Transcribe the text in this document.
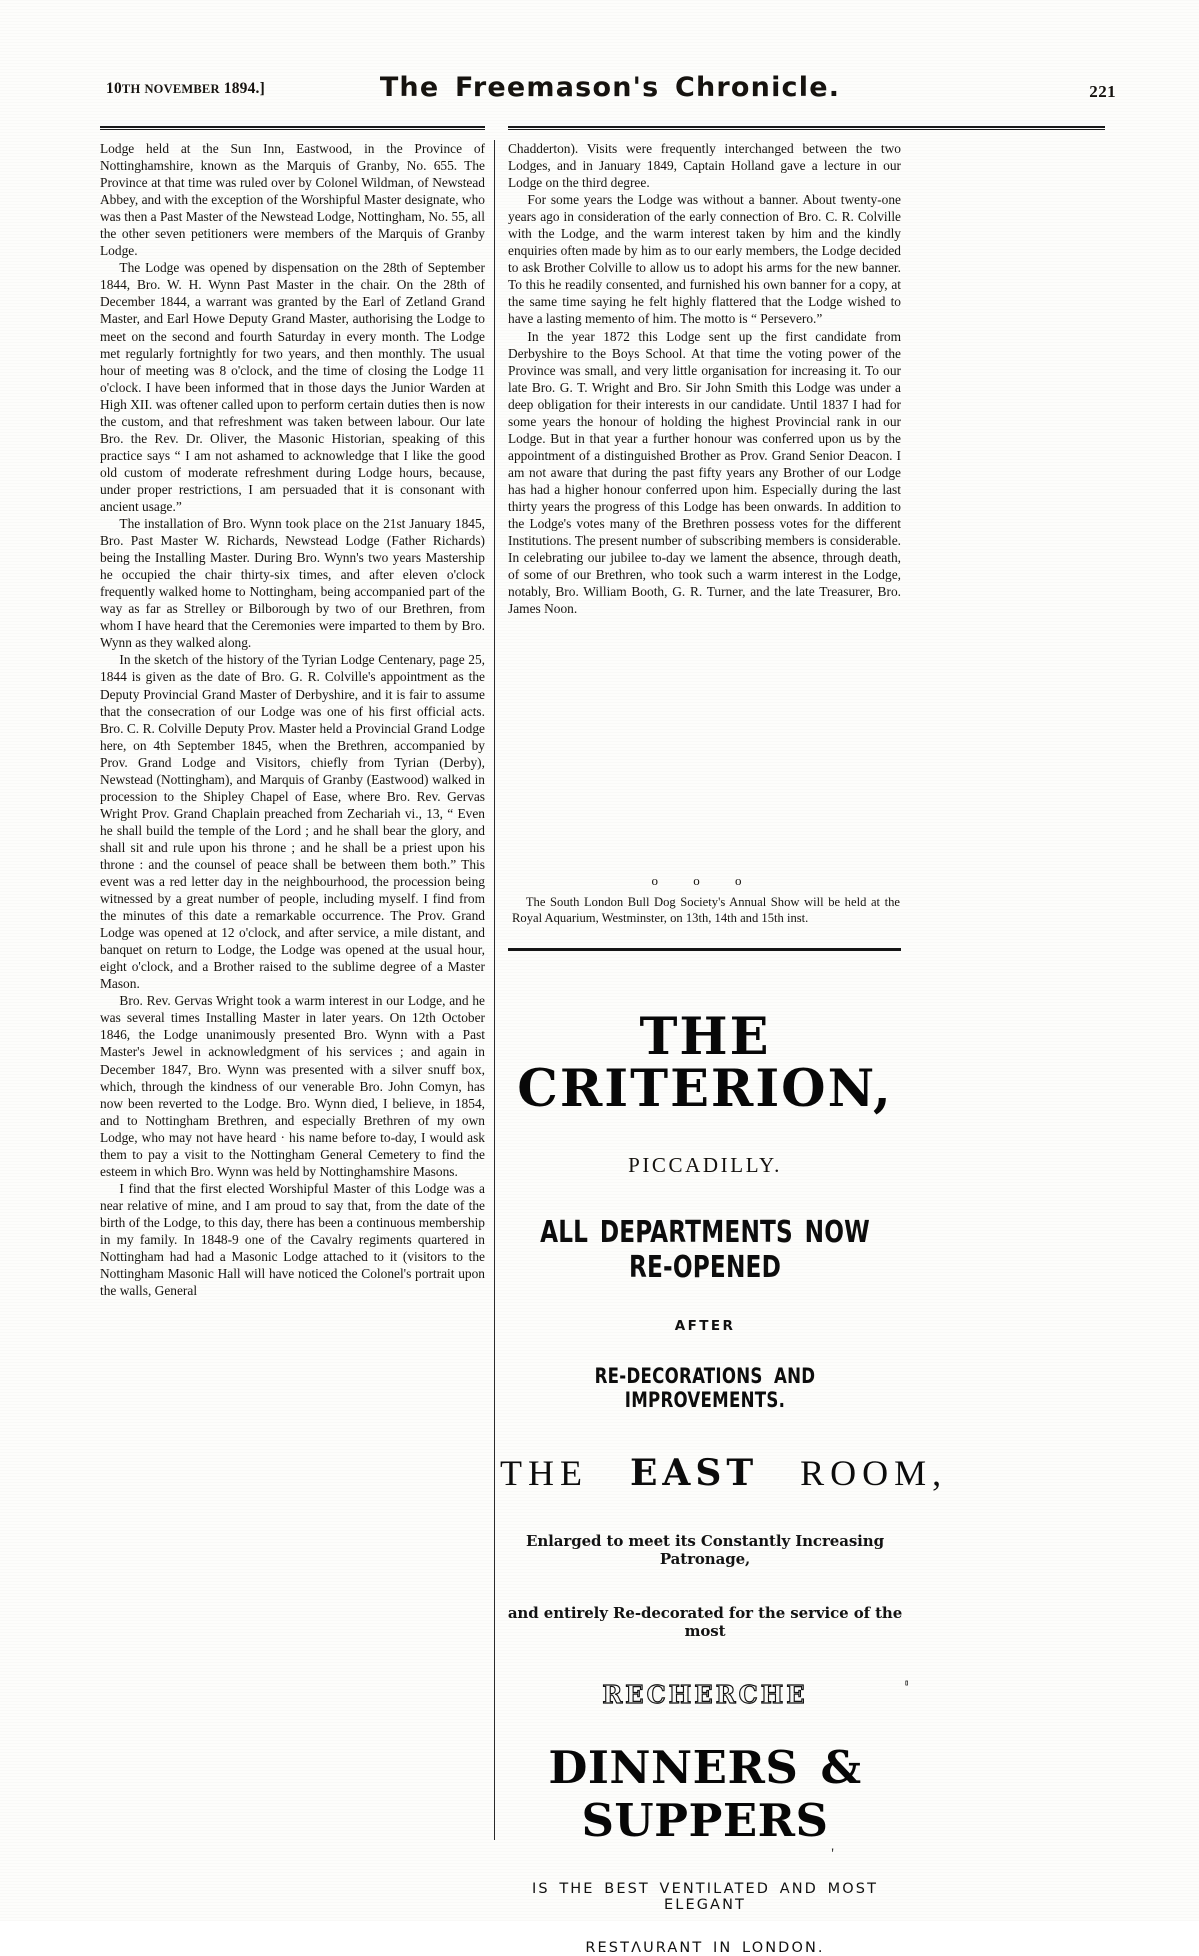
10TH NOVEMBER 1894.]	The Freemason's Chronicle.	221

Lodge held at the Sun Inn, Eastwood, in the Province of Nottinghamshire, known as the Marquis of Granby, No. 655. The Province at that time was ruled over by Colonel Wildman, of Newstead Abbey, and with the exception of the Worshipful Master designate, who was then a Past Master of the Newstead Lodge, Nottingham, No. 55, all the other seven petitioners were members of the Marquis of Granby Lodge.

The Lodge was opened by dispensation on the 28th of September 1844, Bro. W. H. Wynn Past Master in the chair. On the 28th of December 1844, a warrant was granted by the Earl of Zetland Grand Master, and Earl Howe Deputy Grand Master, authorising the Lodge to meet on the second and fourth Saturday in every month. The Lodge met regularly fortnightly for two years, and then monthly. The usual hour of meeting was 8 o'clock, and the time of closing the Lodge 11 o'clock. I have been informed that in those days the Junior Warden at High XII. was oftener called upon to perform certain duties then is now the custom, and that refreshment was taken between labour. Our late Bro. the Rev. Dr. Oliver, the Masonic Historian, speaking of this practice says “ I am not ashamed to acknowledge that I like the good old custom of moderate refreshment during Lodge hours, because, under proper restrictions, I am persuaded that it is consonant with ancient usage.”

The installation of Bro. Wynn took place on the 21st January 1845, Bro. Past Master W. Richards, Newstead Lodge (Father Richards) being the Installing Master. During Bro. Wynn's two years Mastership he occupied the chair thirty-six times, and after eleven o'clock frequently walked home to Nottingham, being accompanied part of the way as far as Strelley or Bilborough by two of our Brethren, from whom I have heard that the Ceremonies were imparted to them by Bro. Wynn as they walked along.

In the sketch of the history of the Tyrian Lodge Centenary, page 25, 1844 is given as the date of Bro. G. R. Colville's appointment as the Deputy Provincial Grand Master of Derbyshire, and it is fair to assume that the consecration of our Lodge was one of his first official acts. Bro. C. R. Colville Deputy Prov. Master held a Provincial Grand Lodge here, on 4th September 1845, when the Brethren, accompanied by Prov. Grand Lodge and Visitors, chiefly from Tyrian (Derby), Newstead (Nottingham), and Marquis of Granby (Eastwood) walked in procession to the Shipley Chapel of Ease, where Bro. Rev. Gervas Wright Prov. Grand Chaplain preached from Zechariah vi., 13, “ Even he shall build the temple of the Lord ; and he shall bear the glory, and shall sit and rule upon his throne ; and he shall be a priest upon his throne : and the counsel of peace shall be between them both.” This event was a red letter day in the neighbourhood, the procession being witnessed by a great number of people, including myself. I find from the minutes of this date a remarkable occurrence. The Prov. Grand Lodge was opened at 12 o'clock, and after service, a mile distant, and banquet on return to Lodge, the Lodge was opened at the usual hour, eight o'clock, and a Brother raised to the sublime degree of a Master Mason.

Bro. Rev. Gervas Wright took a warm interest in our Lodge, and he was several times Installing Master in later years. On 12th October 1846, the Lodge unanimously presented Bro. Wynn with a Past Master's Jewel in acknowledgment of his services ; and again in December 1847, Bro. Wynn was presented with a silver snuff box, which, through the kindness of our venerable Bro. John Comyn, has now been reverted to the Lodge. Bro. Wynn died, I believe, in 1854, and to Nottingham Brethren, and especially Brethren of my own Lodge, who may not have heard · his name before to-day, I would ask them to pay a visit to the Nottingham General Cemetery to find the esteem in which Bro. Wynn was held by Nottinghamshire Masons.

I find that the first elected Worshipful Master of this Lodge was a near relative of mine, and I am proud to say that, from the date of the birth of the Lodge, to this day, there has been a continuous membership in my family. In 1848-9 one of the Cavalry regiments quartered in Nottingham had had a Masonic Lodge attached to it (visitors to the Nottingham Masonic Hall will have noticed the Colonel's portrait upon the walls, General

Chadderton). Visits were frequently interchanged between the two Lodges, and in January 1849, Captain Holland gave a lecture in our Lodge on the third degree.

For some years the Lodge was without a banner. About twenty-one years ago in consideration of the early connection of Bro. C. R. Colville with the Lodge, and the warm interest taken by him and the kindly enquiries often made by him as to our early members, the Lodge decided to ask Brother Colville to allow us to adopt his arms for the new banner. To this he readily consented, and furnished his own banner for a copy, at the same time saying he felt highly flattered that the Lodge wished to have a lasting memento of him. The motto is “ Persevero.”

In the year 1872 this Lodge sent up the first candidate from Derbyshire to the Boys School. At that time the voting power of the Province was small, and very little organisation for increasing it. To our late Bro. G. T. Wright and Bro. Sir John Smith this Lodge was under a deep obligation for their interests in our candidate. Until 1837 I had for some years the honour of holding the highest Provincial rank in our Lodge. But in that year a further honour was conferred upon us by the appointment of a distinguished Brother as Prov. Grand Senior Deacon. I am not aware that during the past fifty years any Brother of our Lodge has had a higher honour conferred upon him. Especially during the last thirty years the progress of this Lodge has been onwards. In addition to the Lodge's votes many of the Brethren possess votes for the different Institutions. The present number of subscribing members is considerable. In celebrating our jubilee to-day we lament the absence, through death, of some of our Brethren, who took such a warm interest in the Lodge, notably, Bro. William Booth, G. R. Turner, and the late Treasurer, Bro. James Noon.

o o o

The South London Bull Dog Society's Annual Show will be held at the Royal Aquarium, Westminster, on 13th, 14th and 15th inst.

THE CRITERION,
PICCADILLY.
ALL DEPARTMENTS NOW RE-OPENED
AFTER
RE-DECORATIONS AND IMPROVEMENTS.
THE EAST ROOM,
Enlarged to meet its Constantly Increasing Patronage,
and entirely Re-decorated for the service of the most
RECHERCHE	'
DINNERS & SUPPERS
'
IS THE BEST VENTILATED AND MOST ELEGANT
RESTΛURANT IN LONDON.
